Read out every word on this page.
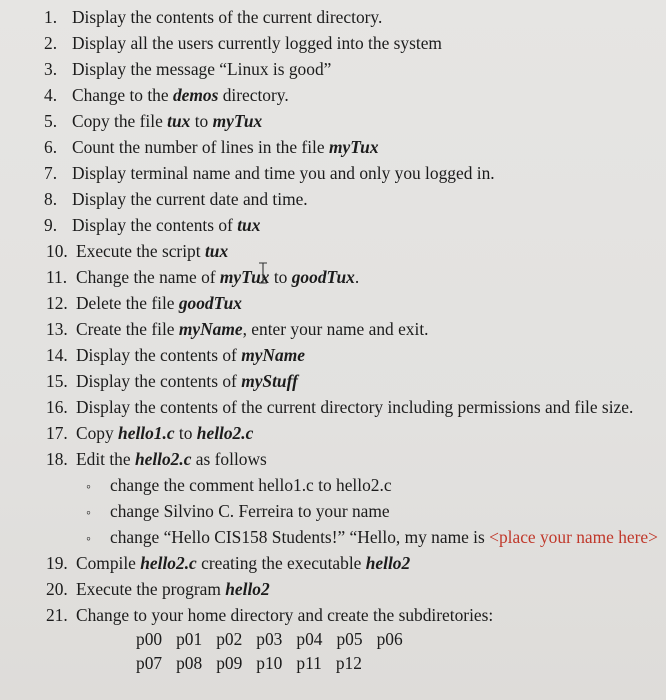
1. Display the contents of the current directory.
2. Display all the users currently logged into the system
3. Display the message “Linux is good”
4. Change to the demos directory.
5. Copy the file tux to myTux
6. Count the number of lines in the file myTux
7. Display terminal name and time you and only you logged in.
8. Display the current date and time.
9. Display the contents of tux
10. Execute the script tux
11. Change the name of myTux to goodTux.
12. Delete the file goodTux
13. Create the file myName, enter your name and exit.
14. Display the contents of myName
15. Display the contents of myStuff
16. Display the contents of the current directory including permissions and file size.
17. Copy hello1.c to hello2.c
18. Edit the hello2.c as follows
◦ change the comment hello1.c to hello2.c
◦ change Silvino C. Ferreira to your name
◦ change “Hello CIS158 Students!” “Hello, my name is <place your name here>
19. Compile hello2.c creating the executable hello2
20. Execute the program hello2
21. Change to your home directory and create the subdiretories:
p00 p01 p02 p03 p04 p05 p06
p07 p08 p09 p10 p11 p12
